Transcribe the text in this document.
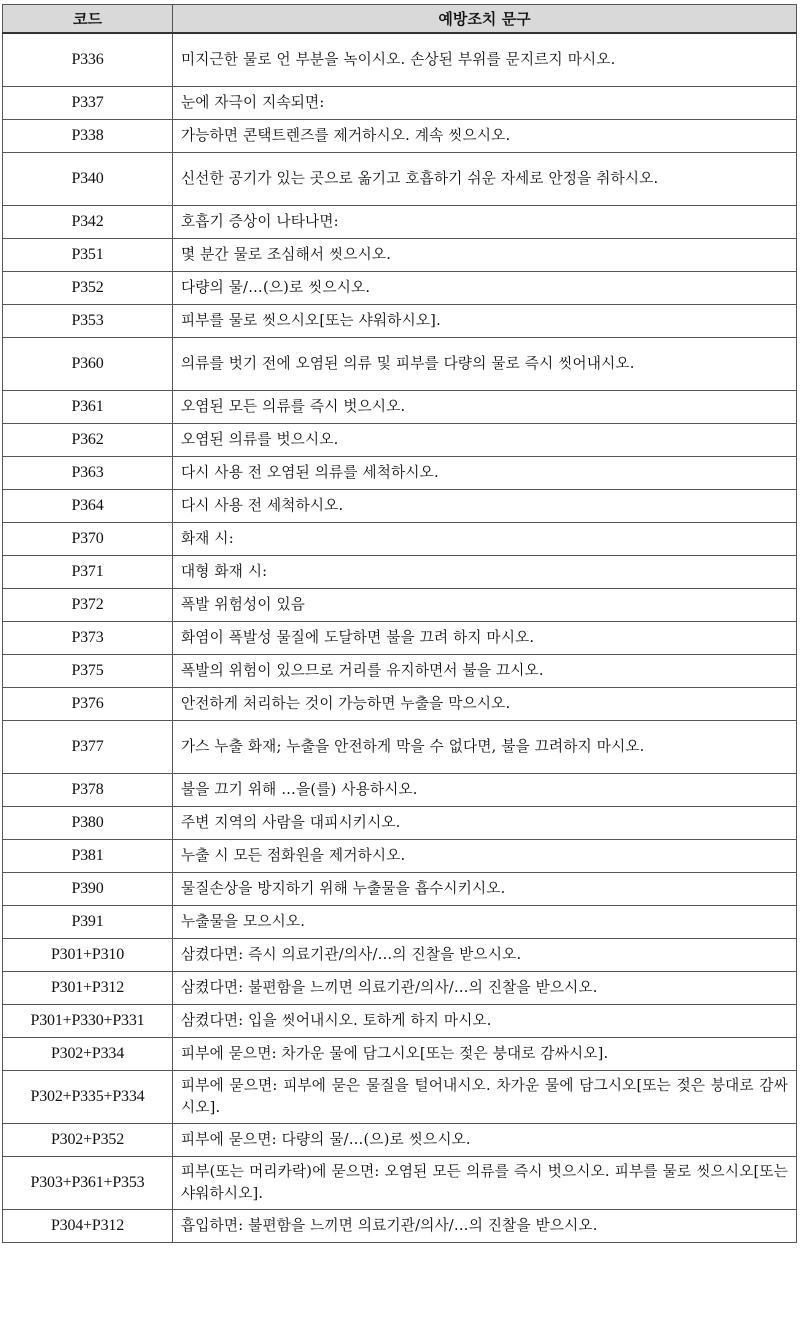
코드	예방조치 문구
P336	미지근한 물로 언 부분을 녹이시오. 손상된 부위를 문지르지 마시오.
P337	눈에 자극이 지속되면:
P338	가능하면 콘택트렌즈를 제거하시오. 계속 씻으시오.
P340	신선한 공기가 있는 곳으로 옮기고 호흡하기 쉬운 자세로 안정을 취하시오.
P342	호흡기 증상이 나타나면:
P351	몇 분간 물로 조심해서 씻으시오.
P352	다량의 물/…(으)로 씻으시오.
P353	피부를 물로 씻으시오[또는 샤워하시오].
P360	의류를 벗기 전에 오염된 의류 및 피부를 다량의 물로 즉시 씻어내시오.
P361	오염된 모든 의류를 즉시 벗으시오.
P362	오염된 의류를 벗으시오.
P363	다시 사용 전 오염된 의류를 세척하시오.
P364	다시 사용 전 세척하시오.
P370	화재 시:
P371	대형 화재 시:
P372	폭발 위험성이 있음
P373	화염이 폭발성 물질에 도달하면 불을 끄려 하지 마시오.
P375	폭발의 위험이 있으므로 거리를 유지하면서 불을 끄시오.
P376	안전하게 처리하는 것이 가능하면 누출을 막으시오.
P377	가스 누출 화재; 누출을 안전하게 막을 수 없다면, 불을 끄려하지 마시오.
P378	불을 끄기 위해 …을(를) 사용하시오.
P380	주변 지역의 사람을 대피시키시오.
P381	누출 시 모든 점화원을 제거하시오.
P390	물질손상을 방지하기 위해 누출물을 흡수시키시오.
P391	누출물을 모으시오.
P301+P310	삼켰다면: 즉시 의료기관/의사/…의 진찰을 받으시오.
P301+P312	삼켰다면: 불편함을 느끼면 의료기관/의사/…의 진찰을 받으시오.
P301+P330+P331	삼켰다면: 입을 씻어내시오. 토하게 하지 마시오.
P302+P334	피부에 묻으면: 차가운 물에 담그시오[또는 젖은 붕대로 감싸시오].
P302+P335+P334	피부에 묻으면: 피부에 묻은 물질을 털어내시오. 차가운 물에 담그시오[또는 젖은 붕대로 감싸시오].
P302+P352	피부에 묻으면: 다량의 물/…(으)로 씻으시오.
P303+P361+P353	피부(또는 머리카락)에 묻으면: 오염된 모든 의류를 즉시 벗으시오. 피부를 물로 씻으시오[또는 샤워하시오].
P304+P312	흡입하면: 불편함을 느끼면 의료기관/의사/…의 진찰을 받으시오.
